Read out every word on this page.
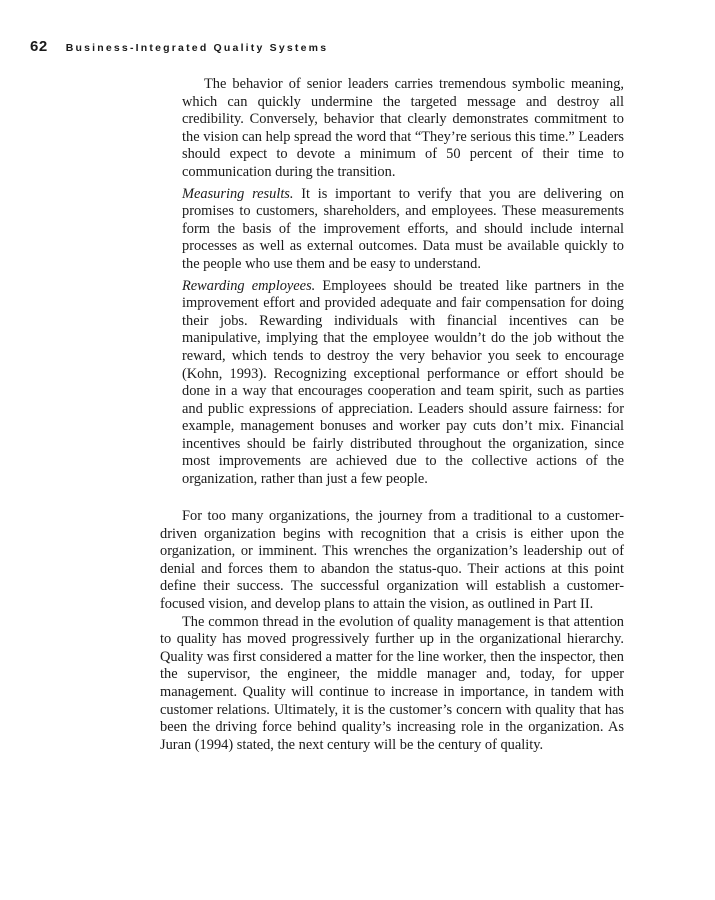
62 Business-Integrated Quality Systems

The behavior of senior leaders carries tremendous symbolic meaning, which can quickly undermine the targeted message and destroy all credibility. Conversely, behavior that clearly demonstrates commitment to the vision can help spread the word that “They’re serious this time.” Leaders should expect to devote a minimum of 50 percent of their time to communication during the transition.

Measuring results. It is important to verify that you are delivering on promises to customers, shareholders, and employees. These measurements form the basis of the improvement efforts, and should include internal processes as well as external outcomes. Data must be available quickly to the people who use them and be easy to understand.

Rewarding employees. Employees should be treated like partners in the improvement effort and provided adequate and fair compensation for doing their jobs. Rewarding individuals with financial incentives can be manipulative, implying that the employee wouldn’t do the job without the reward, which tends to destroy the very behavior you seek to encourage (Kohn, 1993). Recognizing exceptional performance or effort should be done in a way that encourages cooperation and team spirit, such as parties and public expressions of appreciation. Leaders should assure fairness: for example, management bonuses and worker pay cuts don’t mix. Financial incentives should be fairly distributed throughout the organization, since most improvements are achieved due to the collective actions of the organization, rather than just a few people.

For too many organizations, the journey from a traditional to a customer-driven organization begins with recognition that a crisis is either upon the organization, or imminent. This wrenches the organization’s leadership out of denial and forces them to abandon the status-quo. Their actions at this point define their success. The successful organization will establish a customer-focused vision, and develop plans to attain the vision, as outlined in Part II.

The common thread in the evolution of quality management is that attention to quality has moved progressively further up in the organizational hierarchy. Quality was first considered a matter for the line worker, then the inspector, then the supervisor, the engineer, the middle manager and, today, for upper management. Quality will continue to increase in importance, in tandem with customer relations. Ultimately, it is the customer’s concern with quality that has been the driving force behind quality’s increasing role in the organization. As Juran (1994) stated, the next century will be the century of quality.
